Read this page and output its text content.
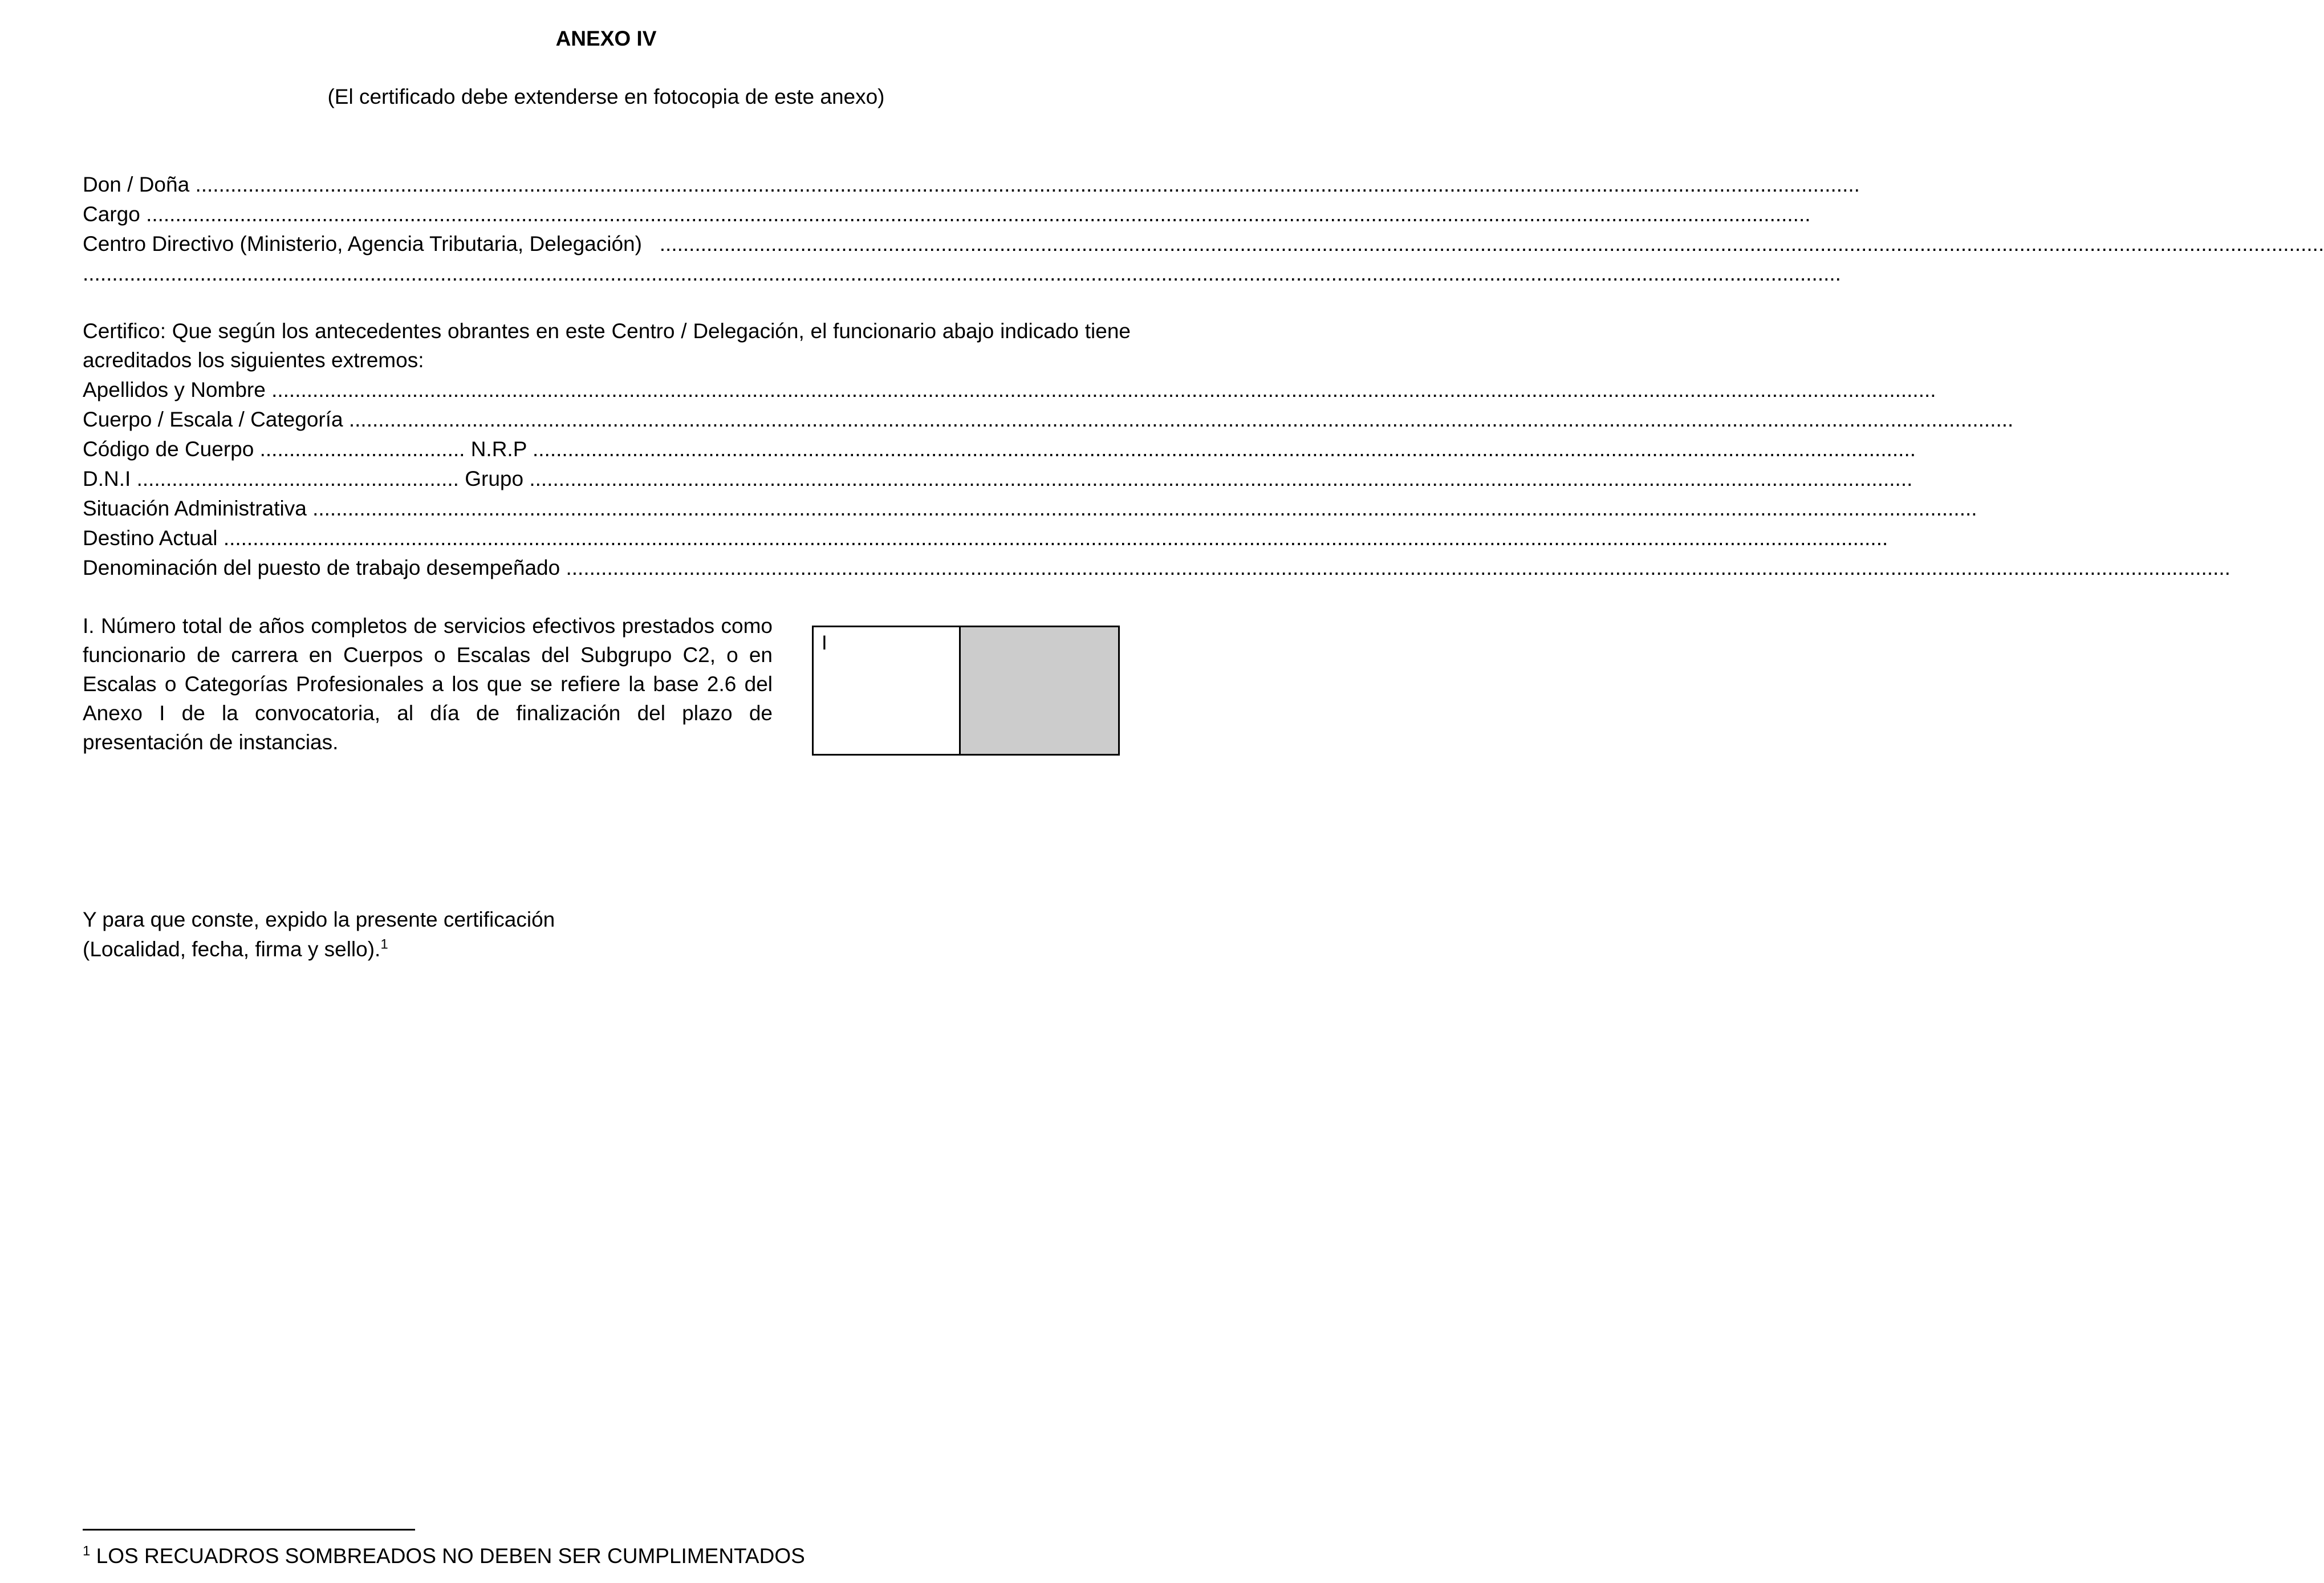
ANEXO IV
(El certificado debe extenderse en fotocopia de este anexo)
Don / Doña ............................................................................................................................................................................................................................................................................................
Cargo ............................................................................................................................................................................................................................................................................................
Centro Directivo (Ministerio, Agencia Tributaria, Delegación)   ............................................................................................................................................................................................................................................................................................
............................................................................................................................................................................................................................................................................................................
Certifico: Que según los antecedentes obrantes en este Centro / Delegación, el funcionario abajo indicado tiene acreditados los siguientes extremos:
Apellidos y Nombre ............................................................................................................................................................................................................................................................................................
Cuerpo / Escala / Categoría ............................................................................................................................................................................................................................................................................................
Código de Cuerpo ................................... N.R.P ............................................................................................................................................................................................................................................
D.N.I ....................................................... Grupo ............................................................................................................................................................................................................................................
Situación Administrativa ............................................................................................................................................................................................................................................................................................
Destino Actual ............................................................................................................................................................................................................................................................................................
Denominación del puesto de trabajo desempeñado ............................................................................................................................................................................................................................................................................................
I. Número total de años completos de servicios efectivos prestados como funcionario de carrera en Cuerpos o Escalas del Subgrupo C2, o en Escalas o Categorías Profesionales a los que se refiere la base 2.6 del Anexo I de la convocatoria, al día de finalización del plazo de presentación de instancias.
I
Y para que conste, expido la presente certificación
(Localidad, fecha, firma y sello).$^1$
$^1$ LOS RECUADROS SOMBREADOS NO DEBEN SER CUMPLIMENTADOS
